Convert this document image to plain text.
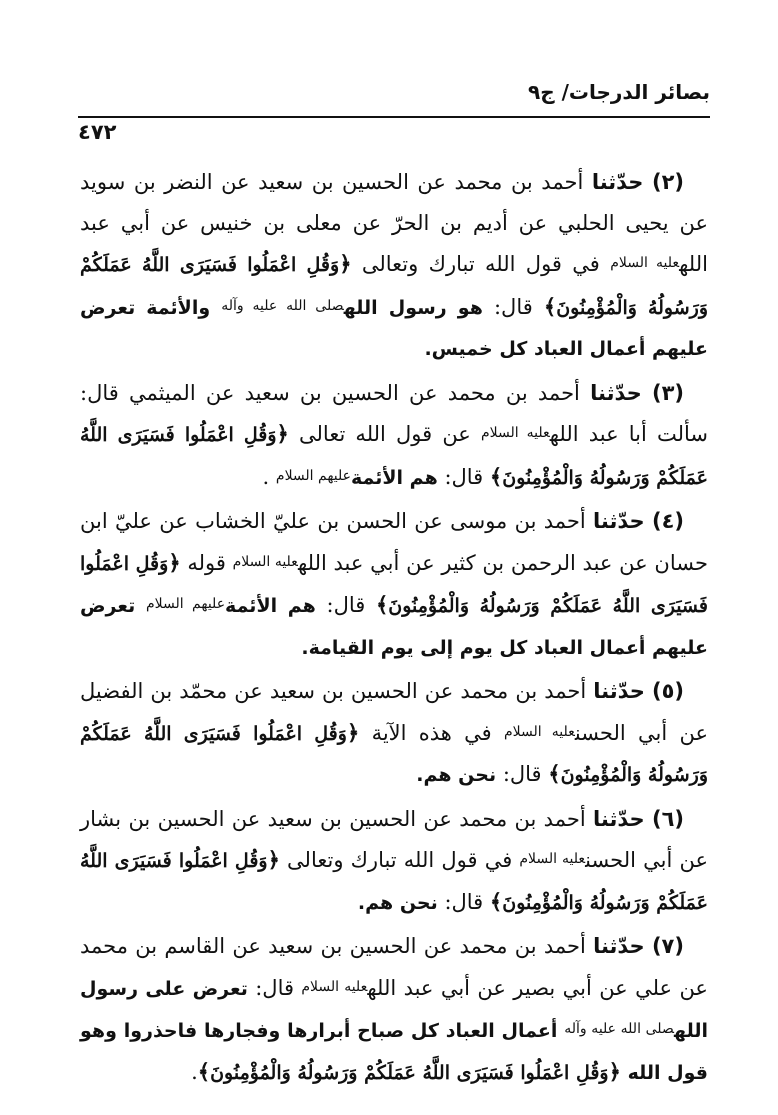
بصائر الدرجات/ ج٩
٤٧٢

(٢) حدّثنا أحمد بن محمد عن الحسين بن سعيد عن النضر بن سويد عن يحيى الحلبي عن أديم بن الحرّ عن معلى بن خنيس عن أبي عبد اللهعليه السلام في قول الله تبارك وتعالى ﴿وَقُلِ اعْمَلُوا فَسَيَرَى اللَّهُ عَمَلَكُمْ وَرَسُولُهُ وَالْمُؤْمِنُونَ﴾ قال: هو رسول اللهصلى الله عليه وآله والأئمة تعرض عليهم أعمال العباد كل خميس.

(٣) حدّثنا أحمد بن محمد عن الحسين بن سعيد عن الميثمي قال: سألت أبا عبد اللهعليه السلام عن قول الله تعالى ﴿وَقُلِ اعْمَلُوا فَسَيَرَى اللَّهُ عَمَلَكُمْ وَرَسُولُهُ وَالْمُؤْمِنُونَ﴾ قال: هم الأئمةعليهم السلام .

(٤) حدّثنا أحمد بن موسى عن الحسن بن عليّ الخشاب عن عليّ ابن حسان عن عبد الرحمن بن كثير عن أبي عبد اللهعليه السلام قوله ﴿وَقُلِ اعْمَلُوا فَسَيَرَى اللَّهُ عَمَلَكُمْ وَرَسُولُهُ وَالْمُؤْمِنُونَ﴾ قال: هم الأئمةعليهم السلام تعرض عليهم أعمال العباد كل يوم إلى يوم القيامة.

(٥) حدّثنا أحمد بن محمد عن الحسين بن سعيد عن محمّد بن الفضيل عن أبي الحسنعليه السلام في هذه الآية ﴿وَقُلِ اعْمَلُوا فَسَيَرَى اللَّهُ عَمَلَكُمْ وَرَسُولُهُ وَالْمُؤْمِنُونَ﴾ قال: نحن هم.

(٦) حدّثنا أحمد بن محمد عن الحسين بن سعيد عن الحسين بن بشار عن أبي الحسنعليه السلام في قول الله تبارك وتعالى ﴿وَقُلِ اعْمَلُوا فَسَيَرَى اللَّهُ عَمَلَكُمْ وَرَسُولُهُ وَالْمُؤْمِنُونَ﴾ قال: نحن هم.

(٧) حدّثنا أحمد بن محمد عن الحسين بن سعيد عن القاسم بن محمد عن علي عن أبي بصير عن أبي عبد اللهعليه السلام قال: تعرض على رسول اللهصلى الله عليه وآله أعمال العباد كل صباح أبرارها وفجارها فاحذروا وهو قول الله ﴿وَقُلِ اعْمَلُوا فَسَيَرَى اللَّهُ عَمَلَكُمْ وَرَسُولُهُ وَالْمُؤْمِنُونَ﴾.
